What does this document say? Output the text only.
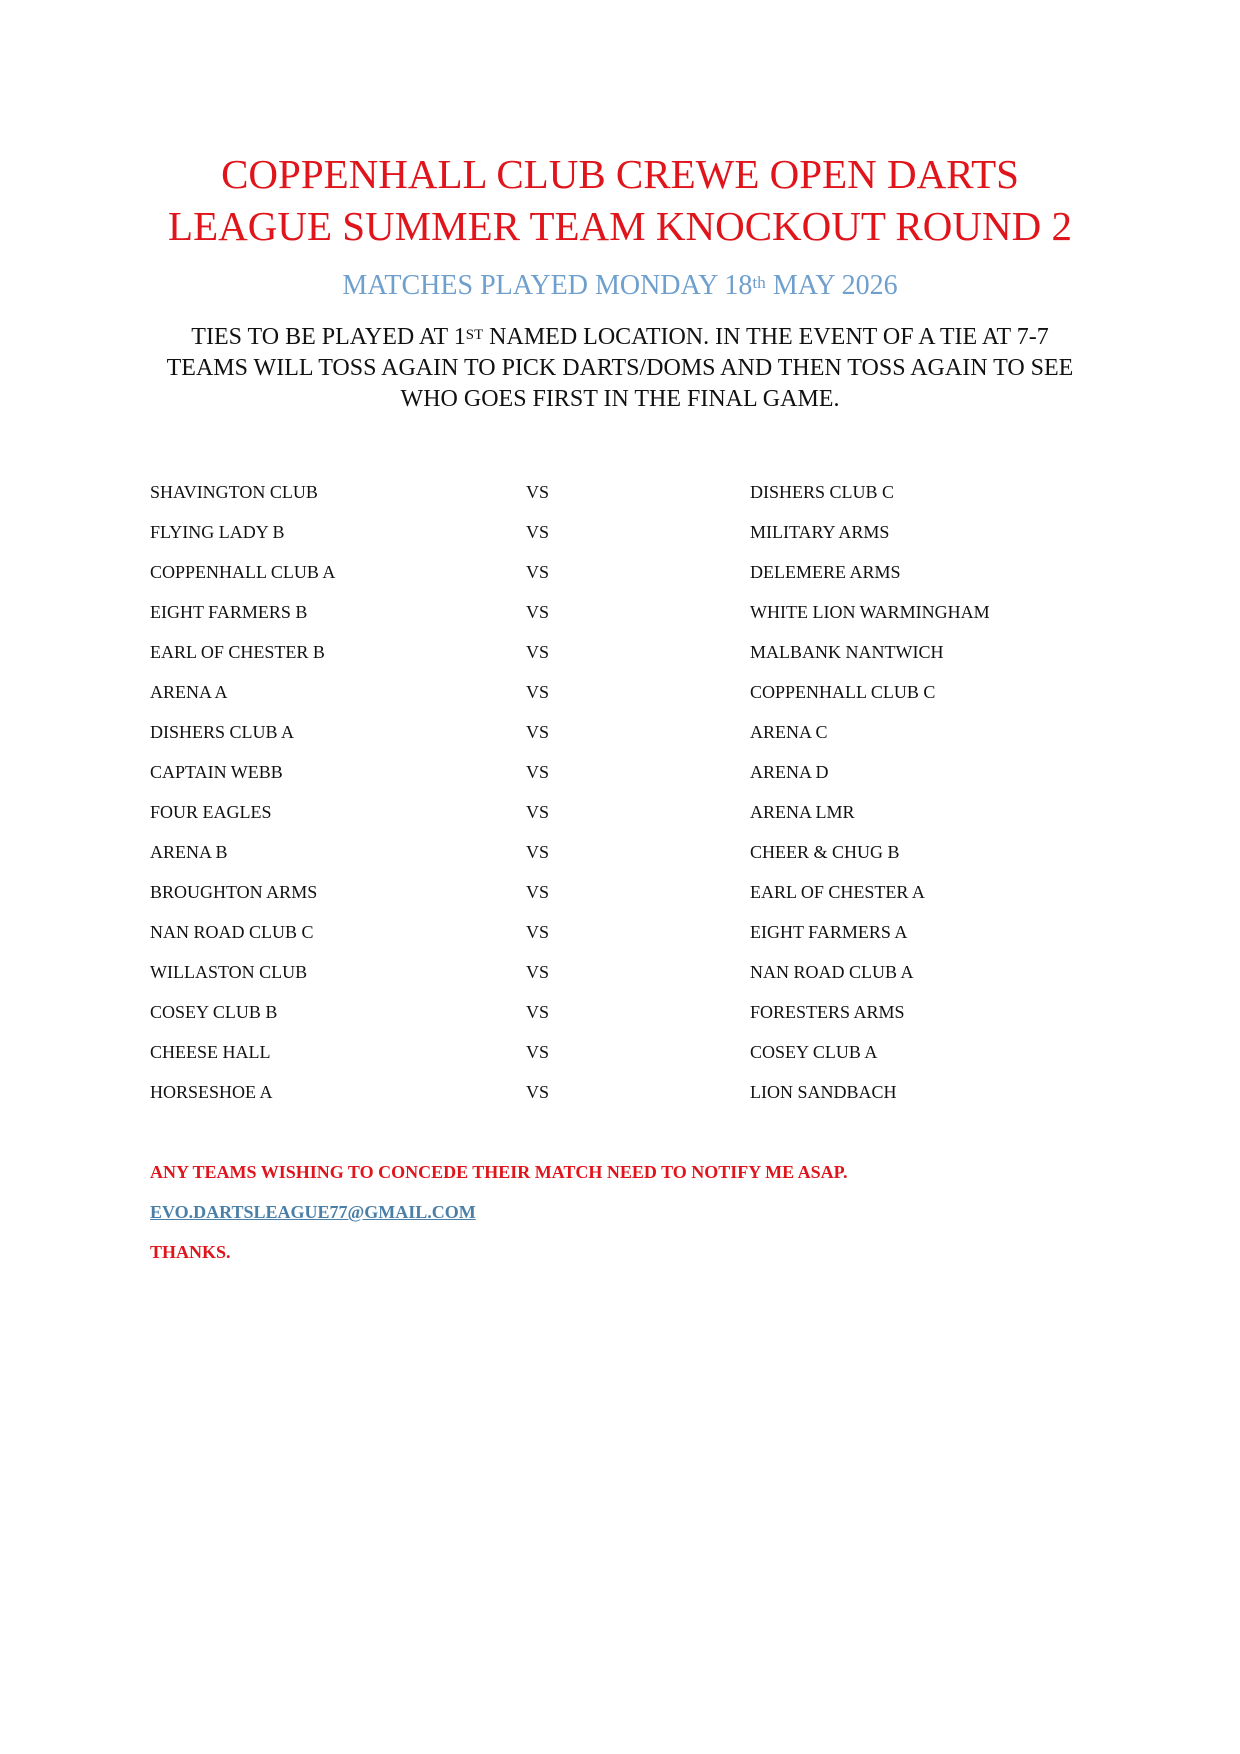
COPPENHALL CLUB CREWE OPEN DARTS
LEAGUE SUMMER TEAM KNOCKOUT ROUND 2
MATCHES PLAYED MONDAY 18th MAY 2026
TIES TO BE PLAYED AT 1ST NAMED LOCATION. IN THE EVENT OF A TIE AT 7-7 TEAMS WILL TOSS AGAIN TO PICK DARTS/DOMS AND THEN TOSS AGAIN TO SEE WHO GOES FIRST IN THE FINAL GAME.
SHAVINGTON CLUB	VS	DISHERS CLUB C
FLYING LADY B	VS	MILITARY ARMS
COPPENHALL CLUB A	VS	DELEMERE ARMS
EIGHT FARMERS B	VS	WHITE LION WARMINGHAM
EARL OF CHESTER B	VS	MALBANK NANTWICH
ARENA A	VS	COPPENHALL CLUB C
DISHERS CLUB A	VS	ARENA C
CAPTAIN WEBB	VS	ARENA D
FOUR EAGLES	VS	ARENA LMR
ARENA B	VS	CHEER & CHUG B
BROUGHTON ARMS	VS	EARL OF CHESTER A
NAN ROAD CLUB C	VS	EIGHT FARMERS A
WILLASTON CLUB	VS	NAN ROAD CLUB A
COSEY CLUB B	VS	FORESTERS ARMS
CHEESE HALL	VS	COSEY CLUB A
HORSESHOE A	VS	LION SANDBACH
ANY TEAMS WISHING TO CONCEDE THEIR MATCH NEED TO NOTIFY ME ASAP.
EVO.DARTSLEAGUE77@GMAIL.COM
THANKS.
